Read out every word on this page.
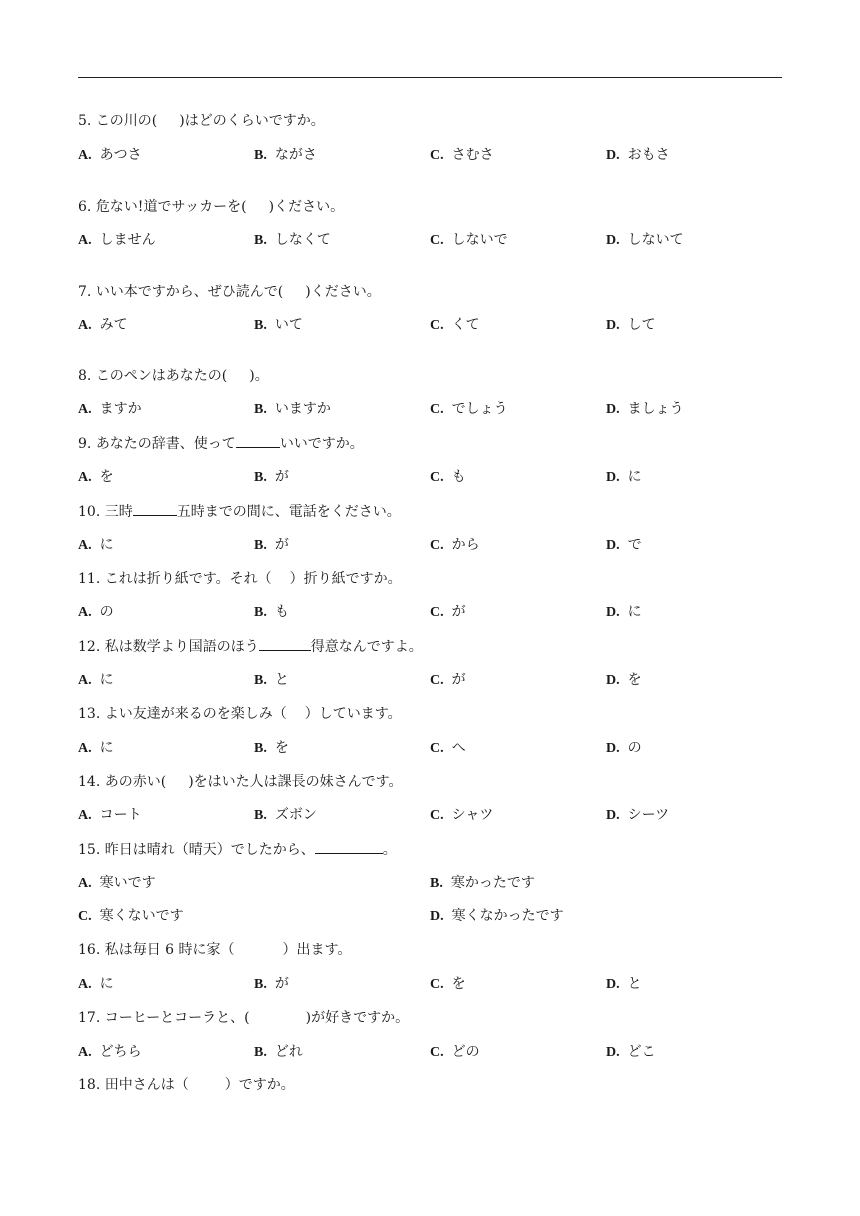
5. この川の( )はどのくらいですか。
A. あつさ	B. ながさ	C. さむさ	D. おもさ
6. 危ない!道でサッカーを( )ください。
A. しません	B. しなくて	C. しないで	D. しないて
7. いい本ですから、ぜひ読んで( )ください。
A. みて	B. いて	C. くて	D. して
8. このペンはあなたの( )。
A. ますか	B. いますか	C. でしょう	D. ましょう
9. あなたの辞書、使って	いいですか。
A. を	B. が	C. も	D. に
10. 三時	五時までの間に、電話をください。
A. に	B. が	C. から	D. で
11. これは折り紙です。それ（ ）折り紙ですか。
A. の	B. も	C. が	D. に
12. 私は数学より国語のほう	得意なんですよ。
A. に	B. と	C. が	D. を
13. よい友達が来るのを楽しみ（ ）しています。
A. に	B. を	C. へ	D. の
14. あの赤い( )をはいた人は課長の妹さんです。
A. コート	B. ズボン	C. シャツ	D. シーツ
15. 昨日は晴れ（晴天）でしたから、	。
A. 寒いです	B. 寒かったです
C. 寒くないです	D. 寒くなかったです
16. 私は毎日 6 時に家（	）出ます。
A. に	B. が	C. を	D. と
17. コーヒーとコーラと、(	)が好きですか。
A. どちら	B. どれ	C. どの	D. どこ
18. 田中さんは（	）ですか。
